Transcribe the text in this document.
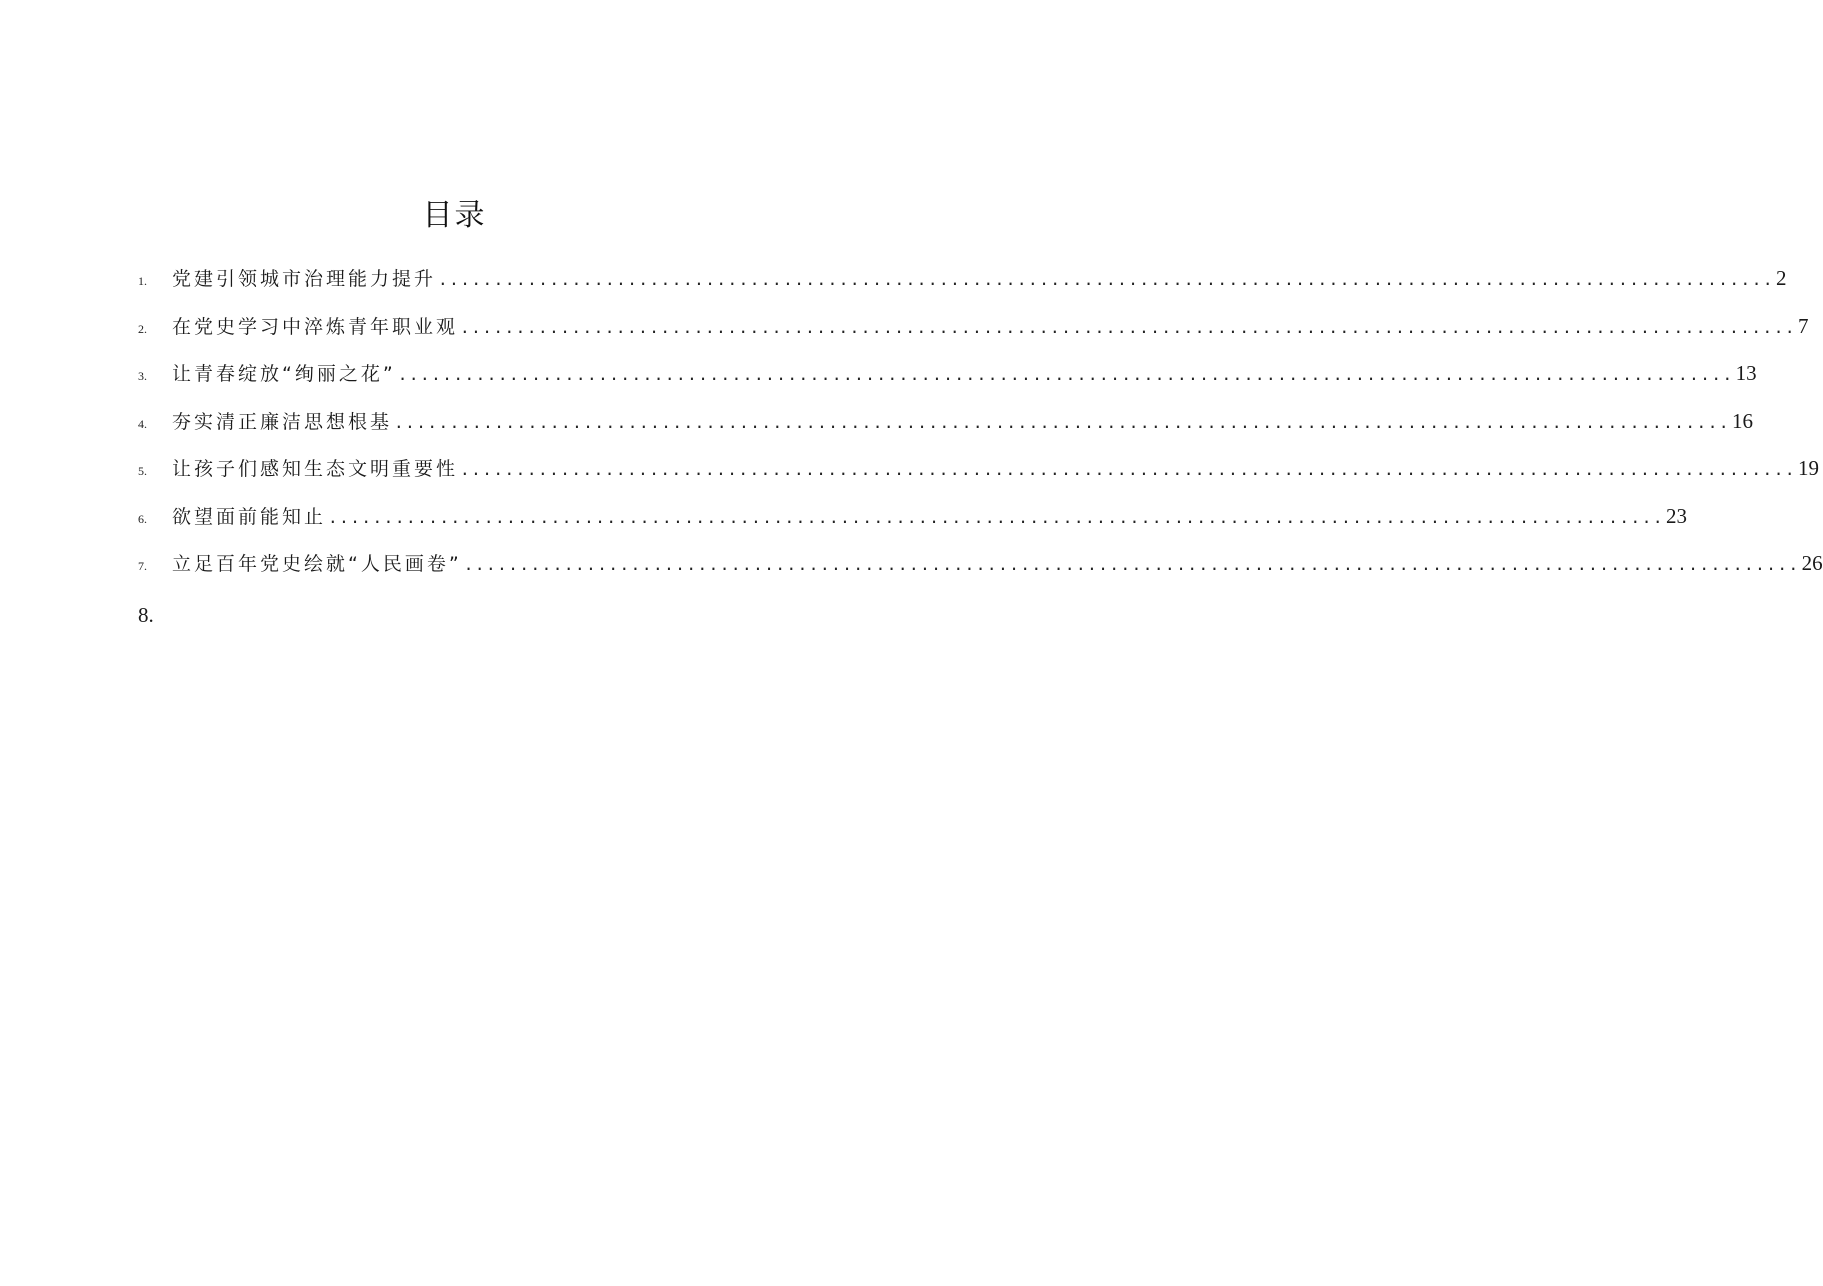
目录
1.	党建引领城市治理能力提升 ........................................................................................................................ 2
2.	在党史学习中淬炼青年职业观 ........................................................................................................................ 7
3.	让青春绽放“绚丽之花” ........................................................................................................................ 13
4.	夯实清正廉洁思想根基 ........................................................................................................................ 16
5.	让孩子们感知生态文明重要性 ........................................................................................................................ 19
6.	欲望面前能知止 ........................................................................................................................ 23
7.	立足百年党史绘就“人民画卷” ........................................................................................................................ 26
8.
